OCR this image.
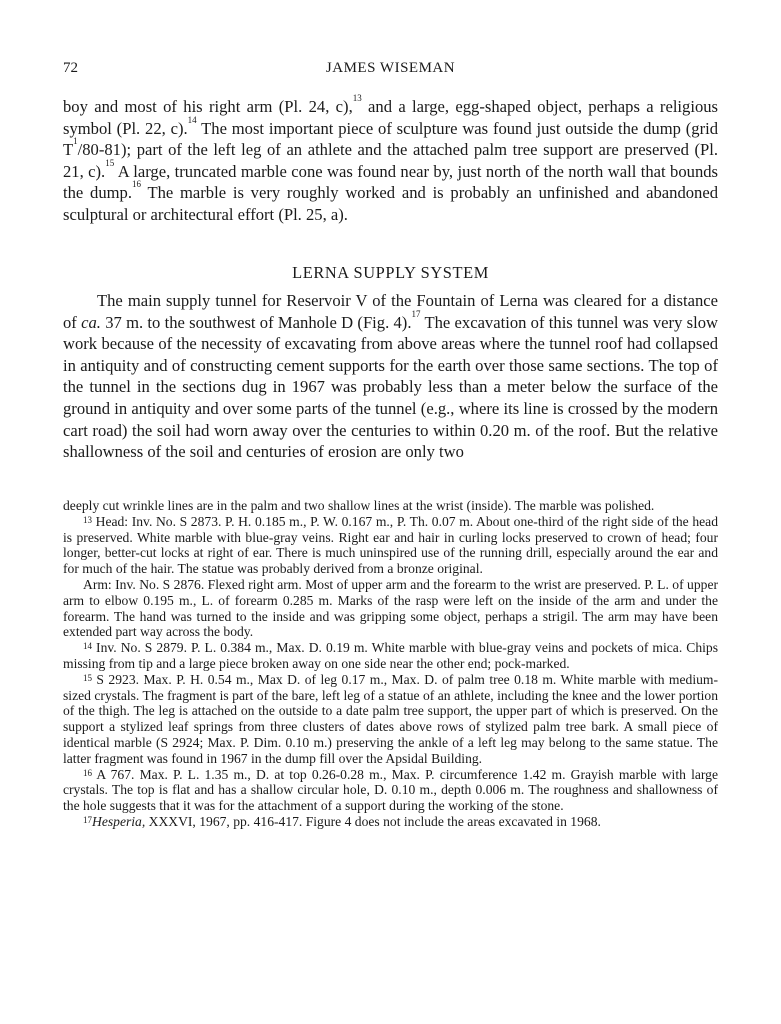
72	JAMES WISEMAN

boy and most of his right arm (Pl. 24, c),$^{13}$ and a large, egg-shaped object, perhaps a religious symbol (Pl. 22, c).$^{14}$ The most important piece of sculpture was found just outside the dump (grid T$^1$/80-81); part of the left leg of an athlete and the attached palm tree support are preserved (Pl. 21, c).$^{15}$ A large, truncated marble cone was found near by, just north of the north wall that bounds the dump.$^{16}$ The marble is very roughly worked and is probably an unfinished and abandoned sculptural or architectural effort (Pl. 25, a).

LERNA SUPPLY SYSTEM

The main supply tunnel for Reservoir V of the Fountain of Lerna was cleared for a distance of ca. 37 m. to the southwest of Manhole D (Fig. 4).$^{17}$ The excavation of this tunnel was very slow work because of the necessity of excavating from above areas where the tunnel roof had collapsed in antiquity and of constructing cement supports for the earth over those same sections. The top of the tunnel in the sections dug in 1967 was probably less than a meter below the surface of the ground in antiquity and over some parts of the tunnel (e.g., where its line is crossed by the modern cart road) the soil had worn away over the centuries to within 0.20 m. of the roof. But the relative shallowness of the soil and centuries of erosion are only two

deeply cut wrinkle lines are in the palm and two shallow lines at the wrist (inside). The marble was polished.

$^{13}$ Head: Inv. No. S 2873. P. H. 0.185 m., P. W. 0.167 m., P. Th. 0.07 m. About one-third of the right side of the head is preserved. White marble with blue-gray veins. Right ear and hair in curling locks preserved to crown of head; four longer, better-cut locks at right of ear. There is much uninspired use of the running drill, especially around the ear and for much of the hair. The statue was probably derived from a bronze original.

Arm: Inv. No. S 2876. Flexed right arm. Most of upper arm and the forearm to the wrist are preserved. P. L. of upper arm to elbow 0.195 m., L. of forearm 0.285 m. Marks of the rasp were left on the inside of the arm and under the forearm. The hand was turned to the inside and was gripping some object, perhaps a strigil. The arm may have been extended part way across the body.

$^{14}$ Inv. No. S 2879. P. L. 0.384 m., Max. D. 0.19 m. White marble with blue-gray veins and pockets of mica. Chips missing from tip and a large piece broken away on one side near the other end; pock-marked.

$^{15}$ S 2923. Max. P. H. 0.54 m., Max D. of leg 0.17 m., Max. D. of palm tree 0.18 m. White marble with medium-sized crystals. The fragment is part of the bare, left leg of a statue of an athlete, including the knee and the lower portion of the thigh. The leg is attached on the outside to a date palm tree support, the upper part of which is preserved. On the support a stylized leaf springs from three clusters of dates above rows of stylized palm tree bark. A small piece of identical marble (S 2924; Max. P. Dim. 0.10 m.) preserving the ankle of a left leg may belong to the same statue. The latter fragment was found in 1967 in the dump fill over the Apsidal Building.

$^{16}$ A 767. Max. P. L. 1.35 m., D. at top 0.26-0.28 m., Max. P. circumference 1.42 m. Grayish marble with large crystals. The top is flat and has a shallow circular hole, D. 0.10 m., depth 0.006 m. The roughness and shallowness of the hole suggests that it was for the attachment of a support during the working of the stone.

$^{17}$Hesperia, XXXVI, 1967, pp. 416-417. Figure 4 does not include the areas excavated in 1968.
